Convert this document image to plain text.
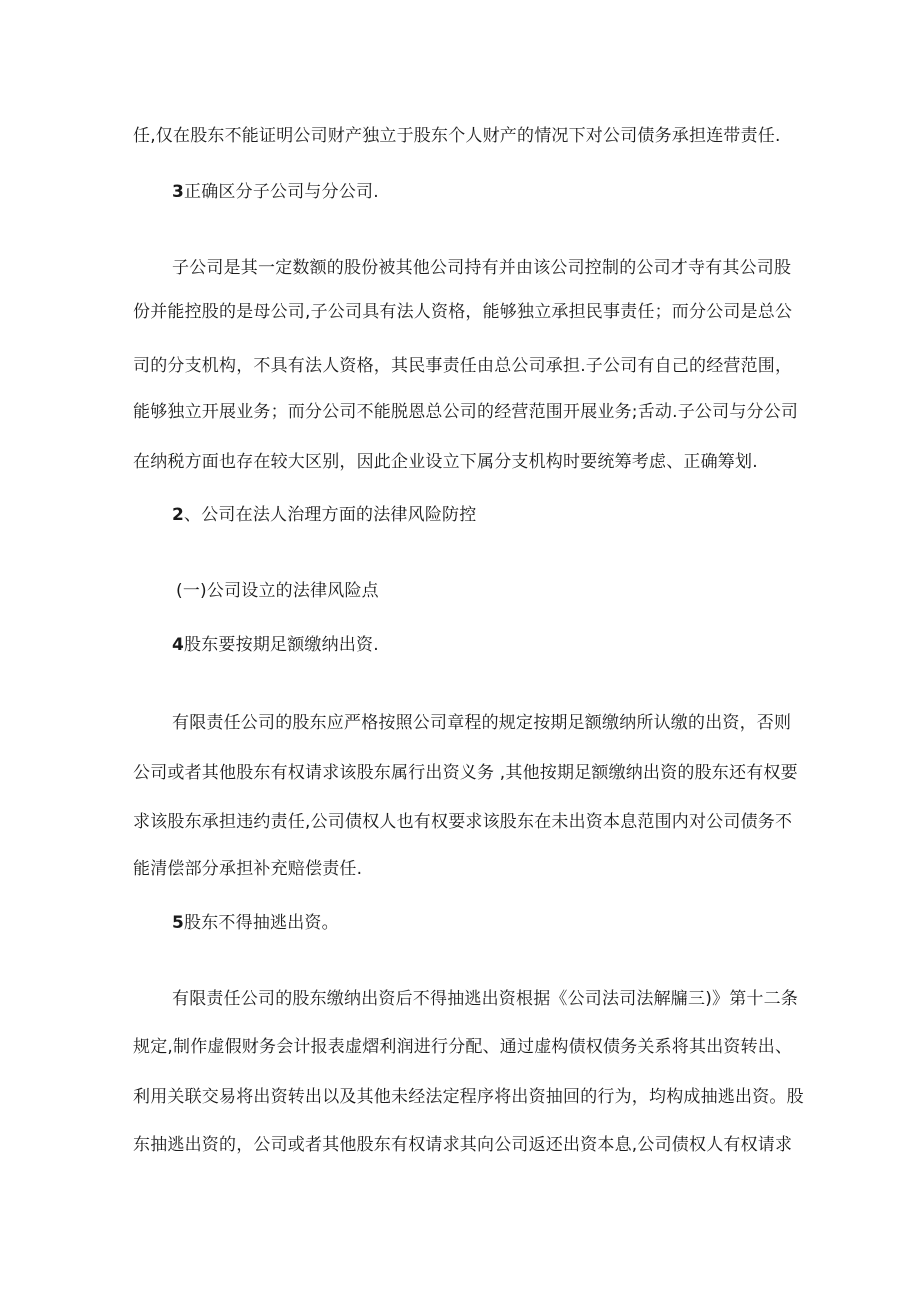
任,仅在股东不能证明公司财产独立于股东个人财产的情况下对公司债务承担连带责任.
3正确区分子公司与分公司.
子公司是其一定数额的股份被其他公司持有并由该公司控制的公司才寺有其公司股
份并能控股的是母公司,子公司具有法人资格，能够独立承担民事责任；而分公司是总公
司的分支机构，不具有法人资格，其民事责任由总公司承担.子公司有自己的经营范围，
能够独立开展业务；而分公司不能脱恩总公司的经营范围开展业务;舌动.子公司与分公司
在纳税方面也存在较大区别，因此企业设立下属分支机构时要统筹考虑、正确筹划.
2、公司在法人治理方面的法律风险防控
(一)公司设立的法律风险点
4股东要按期足额缴纳出资.
有限责任公司的股东应严格按照公司章程的规定按期足额缴纳所认缴的出资，否则
公司或者其他股东有权请求该股东属行出资义务 ,其他按期足额缴纳出资的股东还有权要
求该股东承担违约责任,公司债权人也有权要求该股东在未出资本息范围内对公司债务不
能清偿部分承担补充赔偿责任.
5股东不得抽逃出资。
有限责任公司的股东缴纳出资后不得抽逃出资根据《公司法司法解牖三)》第十二条
规定,制作虚假财务会计报表虚熠利润进行分配、通过虚构债权债务关系将其出资转出、
利用关联交易将出资转出以及其他未经法定程序将出资抽回的行为，均构成抽逃出资。股
东抽逃出资的，公司或者其他股东有权请求其向公司返还出资本息,公司债权人有权请求
